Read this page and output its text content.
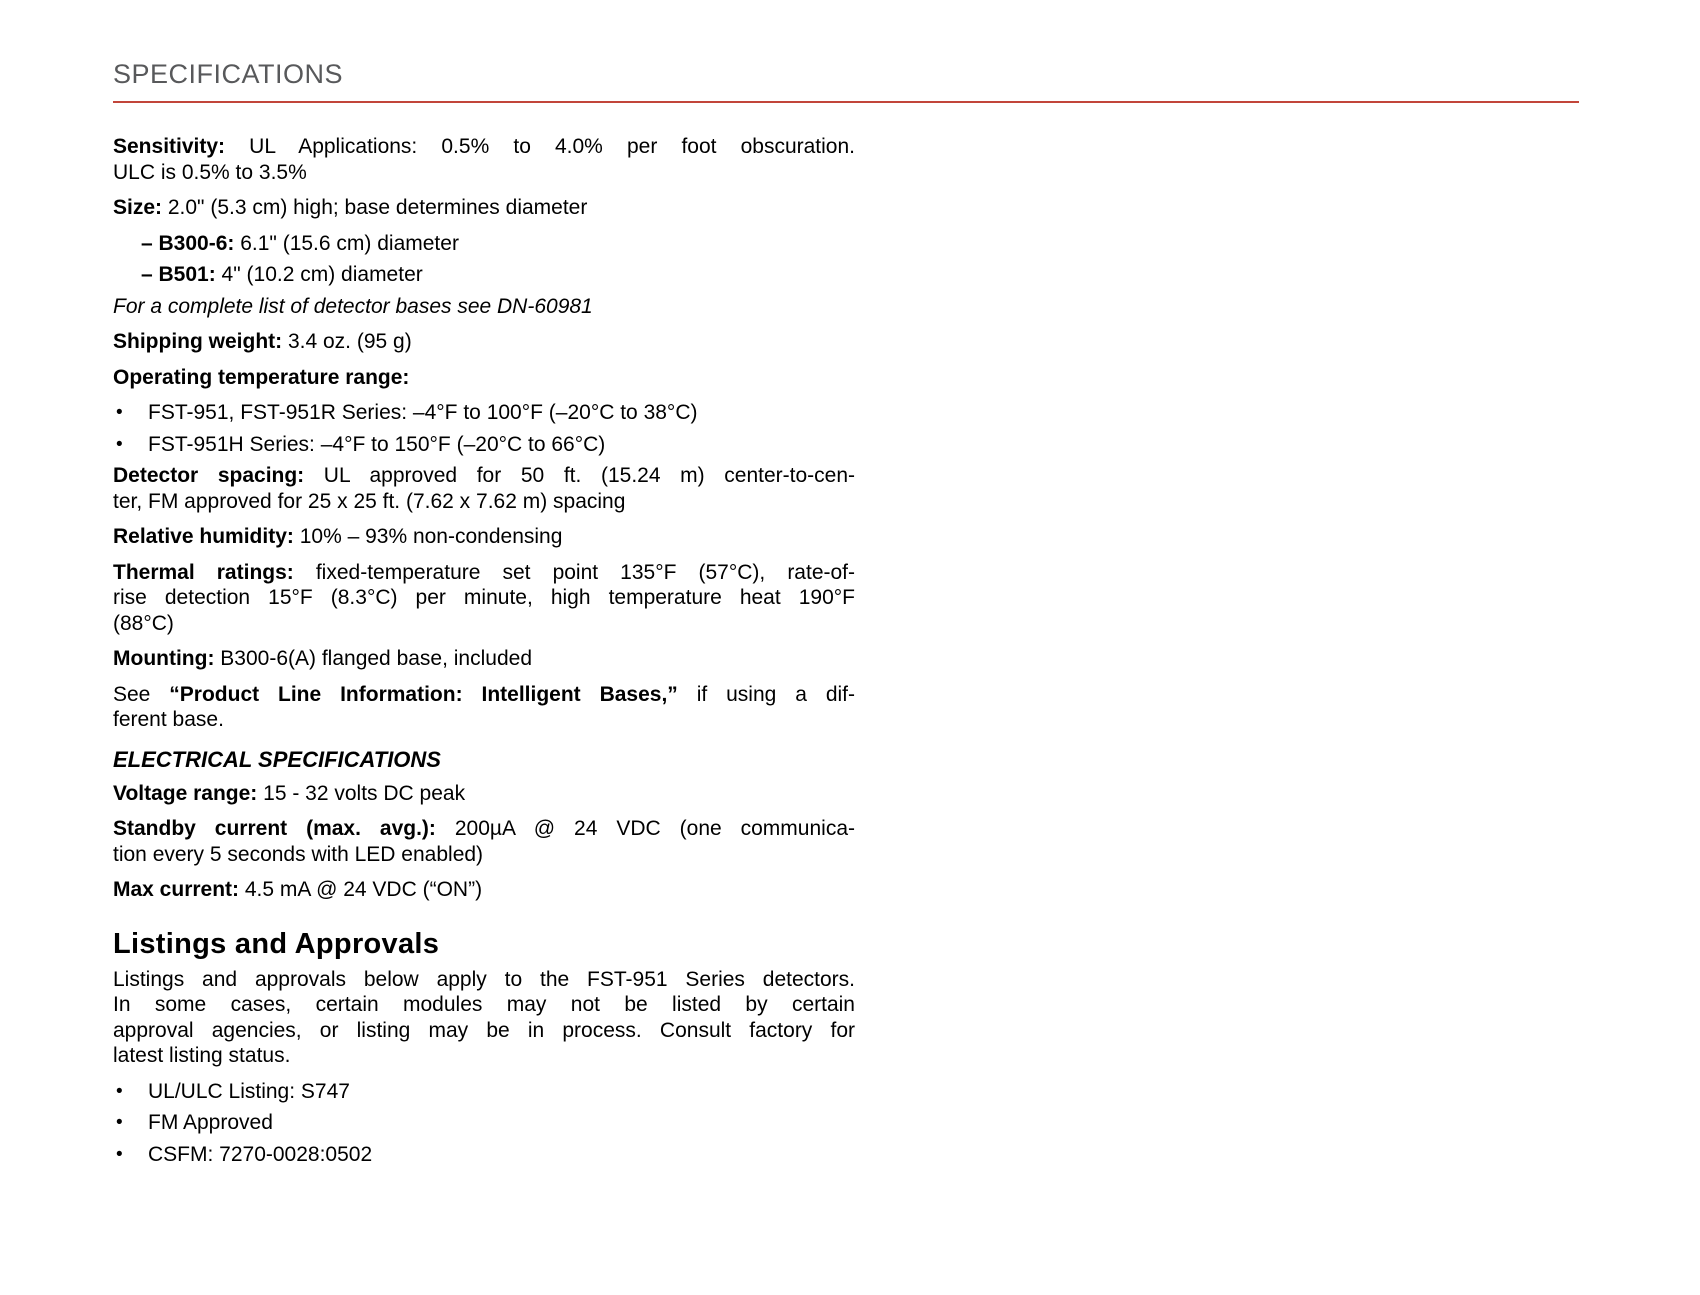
SPECIFICATIONS
Sensitivity: UL Applications: 0.5% to 4.0% per foot obscuration.
ULC is 0.5% to 3.5%
Size: 2.0" (5.3 cm) high; base determines diameter
– B300-6: 6.1" (15.6 cm) diameter
– B501: 4" (10.2 cm) diameter
For a complete list of detector bases see DN-60981
Shipping weight: 3.4 oz. (95 g)
Operating temperature range:
• FST-951, FST-951R Series: –4°F to 100°F (–20°C to 38°C)
• FST-951H Series: –4°F to 150°F (–20°C to 66°C)
Detector spacing: UL approved for 50 ft. (15.24 m) center-to-cen-
ter, FM approved for 25 x 25 ft. (7.62 x 7.62 m) spacing
Relative humidity: 10% – 93% non-condensing
Thermal ratings: fixed-temperature set point 135°F (57°C), rate-of-
rise detection 15°F (8.3°C) per minute, high temperature heat 190°F
(88°C)
Mounting: B300-6(A) flanged base, included
See “Product Line Information: Intelligent Bases,” if using a dif-
ferent base.
ELECTRICAL SPECIFICATIONS
Voltage range: 15 - 32 volts DC peak
Standby current (max. avg.): 200µA @ 24 VDC (one communica-
tion every 5 seconds with LED enabled)
Max current: 4.5 mA @ 24 VDC (“ON”)
Listings and Approvals
Listings and approvals below apply to the FST-951 Series detectors.
In some cases, certain modules may not be listed by certain
approval agencies, or listing may be in process. Consult factory for
latest listing status.
• UL/ULC Listing: S747
• FM Approved
• CSFM: 7270-0028:0502
